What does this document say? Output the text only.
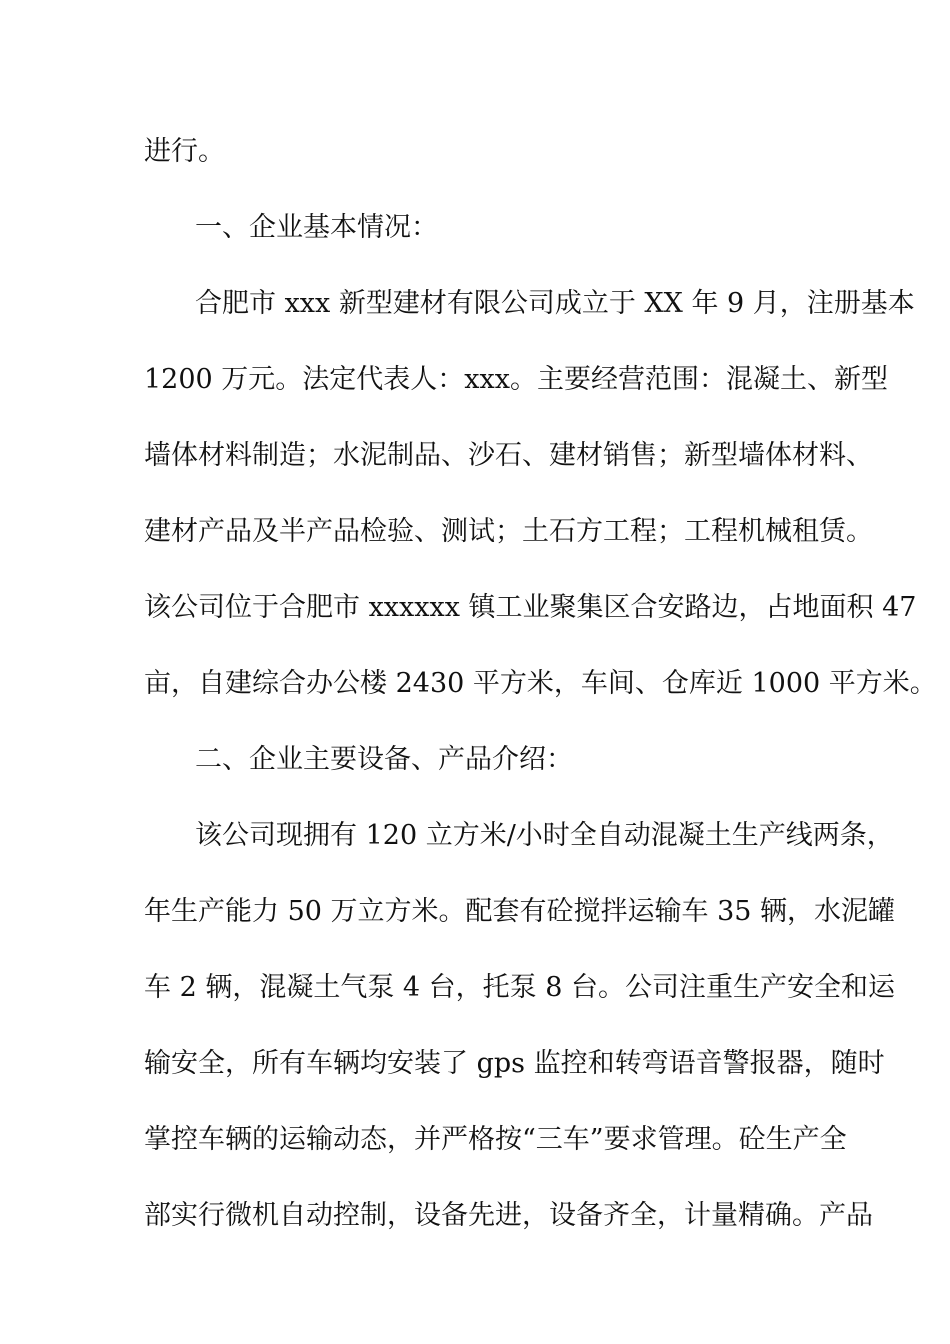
进行。
一、企业基本情况：
合肥市 xxx 新型建材有限公司成立于 XX 年 9 月，注册基本
1200 万元。法定代表人：xxx。主要经营范围：混凝土、新型
墙体材料制造；水泥制品、沙石、建材销售；新型墙体材料、
建材产品及半产品检验、测试；土石方工程；工程机械租赁。
该公司位于合肥市 xxxxxx 镇工业聚集区合安路边，占地面积 47
亩，自建综合办公楼 2430 平方米，车间、仓库近 1000 平方米。
二、企业主要设备、产品介绍：
该公司现拥有 120 立方米/小时全自动混凝土生产线两条，
年生产能力 50 万立方米。配套有砼搅拌运输车 35 辆，水泥罐
车 2 辆，混凝土气泵 4 台，托泵 8 台。公司注重生产安全和运
输安全，所有车辆均安装了 gps 监控和转弯语音警报器，随时
掌控车辆的运输动态，并严格按“三车”要求管理。砼生产全
部实行微机自动控制，设备先进，设备齐全，计量精确。产品
